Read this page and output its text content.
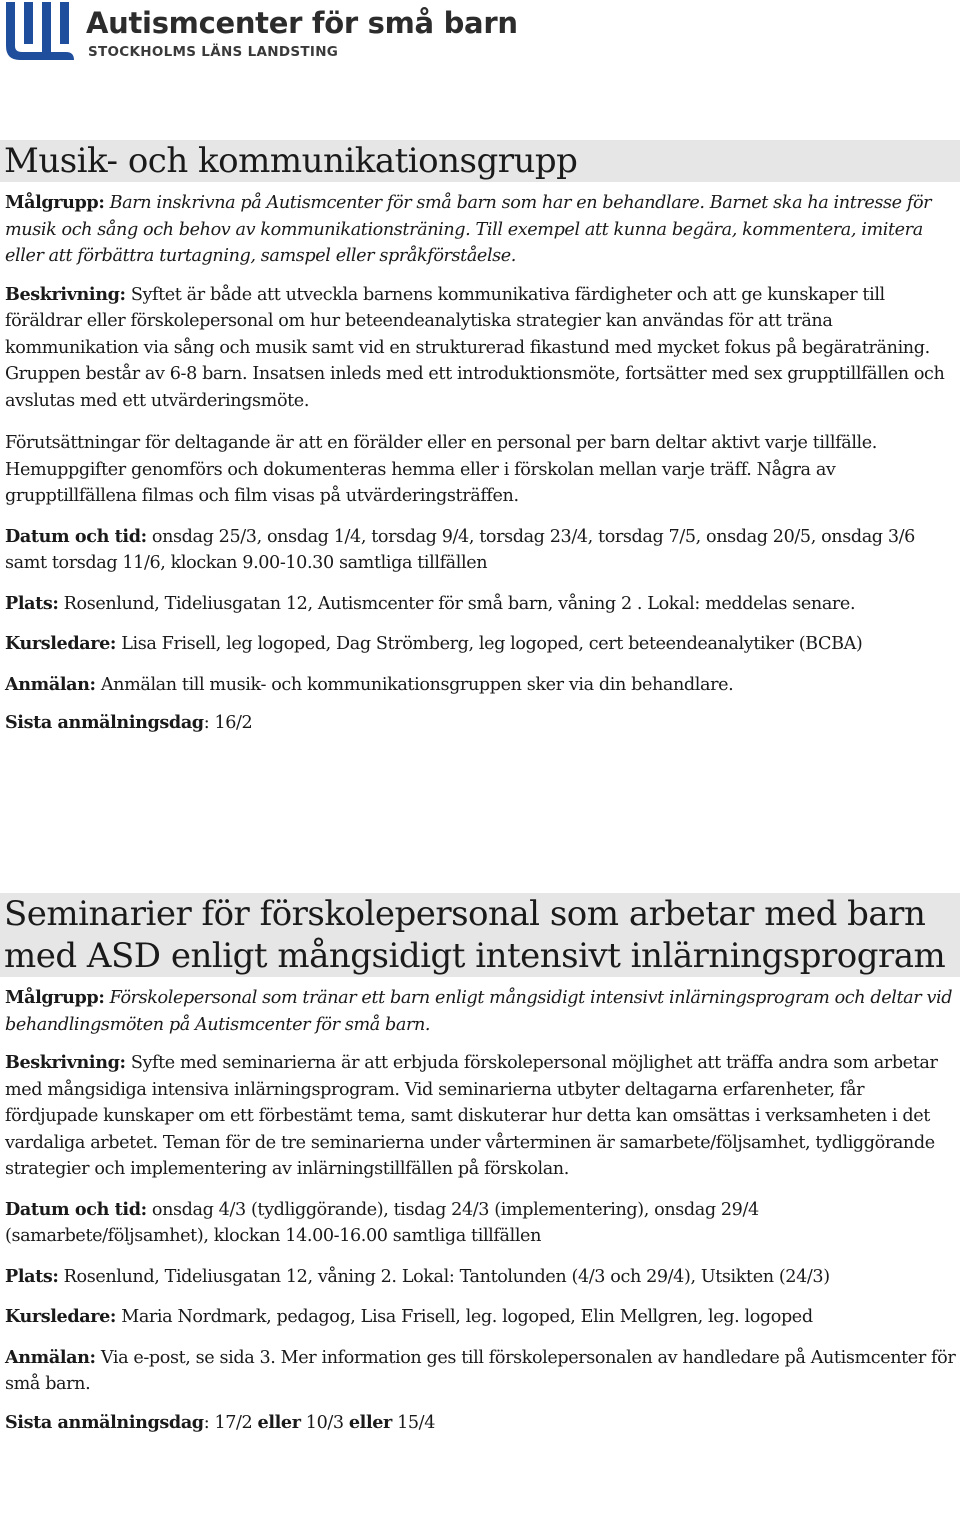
Autismcenter för små barn
STOCKHOLMS LÄNS LANDSTING
Musik- och kommunikationsgrupp

Målgrupp: Barn inskrivna på Autismcenter för små barn som har en behandlare. Barnet ska ha intresse för musik och sång och behov av kommunikationsträning. Till exempel att kunna begära, kommentera, imitera eller att förbättra turtagning, samspel eller språkförståelse.

Beskrivning: Syftet är både att utveckla barnens kommunikativa färdigheter och att ge kunskaper till föräldrar eller förskolepersonal om hur beteendeanalytiska strategier kan användas för att träna kommunikation via sång och musik samt vid en strukturerad fikastund med mycket fokus på begäraträning. Gruppen består av 6-8 barn. Insatsen inleds med ett introduktionsmöte, fortsätter med sex grupptillfällen och avslutas med ett utvärderingsmöte.

Förutsättningar för deltagande är att en förälder eller en personal per barn deltar aktivt varje tillfälle. Hemuppgifter genomförs och dokumenteras hemma eller i förskolan mellan varje träff. Några av grupptillfällena filmas och film visas på utvärderingsträffen.

Datum och tid: onsdag 25/3, onsdag 1/4, torsdag 9/4, torsdag 23/4, torsdag 7/5, onsdag 20/5, onsdag 3/6 samt torsdag 11/6, klockan 9.00-10.30 samtliga tillfällen

Plats: Rosenlund, Tideliusgatan 12, Autismcenter för små barn, våning 2 . Lokal: meddelas senare.

Kursledare: Lisa Frisell, leg logoped, Dag Strömberg, leg logoped, cert beteendeanalytiker (BCBA)

Anmälan: Anmälan till musik- och kommunikationsgruppen sker via din behandlare.

Sista anmälningsdag: 16/2

Seminarier för förskolepersonal som arbetar med barn med ASD enligt mångsidigt intensivt inlärningsprogram

Målgrupp: Förskolepersonal som tränar ett barn enligt mångsidigt intensivt inlärningsprogram och deltar vid behandlingsmöten på Autismcenter för små barn.

Beskrivning: Syfte med seminarierna är att erbjuda förskolepersonal möjlighet att träffa andra som arbetar med mångsidiga intensiva inlärningsprogram. Vid seminarierna utbyter deltagarna erfarenheter, får fördjupade kunskaper om ett förbestämt tema, samt diskuterar hur detta kan omsättas i verksamheten i det vardaliga arbetet. Teman för de tre seminarierna under vårterminen är samarbete/följsamhet, tydliggörande strategier och implementering av inlärningstillfällen på förskolan.

Datum och tid: onsdag 4/3 (tydliggörande), tisdag 24/3 (implementering), onsdag 29/4 (samarbete/följsamhet), klockan 14.00-16.00 samtliga tillfällen

Plats: Rosenlund, Tideliusgatan 12, våning 2. Lokal: Tantolunden (4/3 och 29/4), Utsikten (24/3)

Kursledare: Maria Nordmark, pedagog, Lisa Frisell, leg. logoped, Elin Mellgren, leg. logoped

Anmälan: Via e-post, se sida 3. Mer information ges till förskolepersonalen av handledare på Autismcenter för små barn.

Sista anmälningsdag: 17/2 eller 10/3 eller 15/4
